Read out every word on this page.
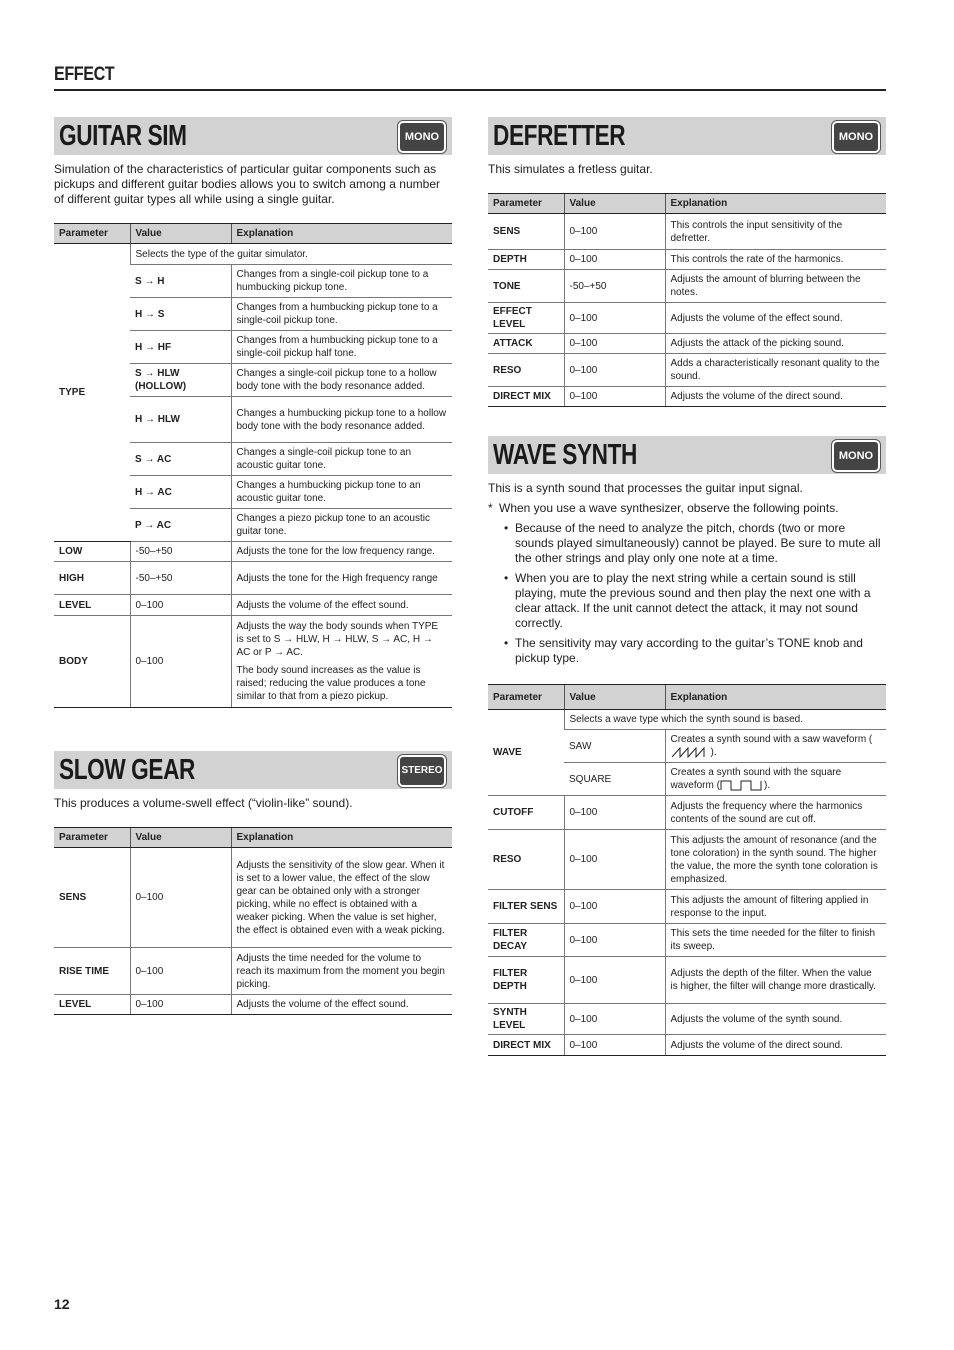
EFFECT
GUITAR SIM	MONO
Simulation of the characteristics of particular guitar components such as pickups and different guitar bodies allows you to switch among a number of different guitar types all while using a single guitar.
Parameter	Value	Explanation
TYPE	Selects the type of the guitar simulator.	
	S → H	Changes from a single-coil pickup tone to a humbucking pickup tone.
	H → S	Changes from a humbucking pickup tone to a single-coil pickup tone.
	H → HF	Changes from a humbucking pickup tone to a single-coil pickup half tone.
	S → HLW (HOLLOW)	Changes a single-coil pickup tone to a hollow body tone with the body resonance added.
	H → HLW	Changes a humbucking pickup tone to a hollow body tone with the body resonance added.
	S → AC	Changes a single-coil pickup tone to an acoustic guitar tone.
	H → AC	Changes a humbucking pickup tone to an acoustic guitar tone.
	P → AC	Changes a piezo pickup tone to an acoustic guitar tone.
LOW	-50–+50	Adjusts the tone for the low frequency range.
HIGH	-50–+50	Adjusts the tone for the High frequency range
LEVEL	0–100	Adjusts the volume of the effect sound.
BODY	0–100	Adjusts the way the body sounds when TYPE is set to S → HLW, H → HLW, S → AC, H → AC or P → AC.

The body sound increases as the value is raised; reducing the value produces a tone similar to that from a piezo pickup.

SLOW GEAR	STEREO
This produces a volume-swell effect (“violin-like” sound).
Parameter	Value	Explanation
SENS	0–100	Adjusts the sensitivity of the slow gear. When it is set to a lower value, the effect of the slow gear can be obtained only with a stronger picking, while no effect is obtained with a weaker picking. When the value is set higher, the effect is obtained even with a weak picking.
RISE TIME	0–100	Adjusts the time needed for the volume to reach its maximum from the moment you begin picking.
LEVEL	0–100	Adjusts the volume of the effect sound.
DEFRETTER	MONO
This simulates a fretless guitar.
Parameter	Value	Explanation
SENS	0–100	This controls the input sensitivity of the defretter.
DEPTH	0–100	This controls the rate of the harmonics.
TONE	-50–+50	Adjusts the amount of blurring between the notes.
EFFECT LEVEL	0–100	Adjusts the volume of the effect sound.
ATTACK	0–100	Adjusts the attack of the picking sound.
RESO	0–100	Adds a characteristically resonant quality to the sound.
DIRECT MIX	0–100	Adjusts the volume of the direct sound.
WAVE SYNTH	MONO

This is a synth sound that processes the guitar input signal.

* When you use a wave synthesizer, observe the following points.
• Because of the need to analyze the pitch, chords (two or more sounds played simultaneously) cannot be played. Be sure to mute all the other strings and play only one note at a time.
• When you are to play the next string while a certain sound is still playing, mute the previous sound and then play the next one with a clear attack. If the unit cannot detect the attack, it may not sound correctly.
• The sensitivity may vary according to the guitar’s TONE knob and pickup type.
Parameter	Value	Explanation
WAVE	Selects a wave type which the synth sound is based.	
	SAW	Creates a synth sound with a saw waveform ().
	SQUARE	Creates a synth sound with the square waveform ( ).
CUTOFF	0–100	Adjusts the frequency where the harmonics contents of the sound are cut off.
RESO	0–100	This adjusts the amount of resonance (and the tone coloration) in the synth sound. The higher the value, the more the synth tone coloration is emphasized.
FILTER SENS	0–100	This adjusts the amount of filtering applied in response to the input.
FILTER DECAY	0–100	This sets the time needed for the filter to finish its sweep.
FILTER DEPTH	0–100	Adjusts the depth of the filter. When the value is higher, the filter will change more drastically.
SYNTH LEVEL	0–100	Adjusts the volume of the synth sound.
DIRECT MIX	0–100	Adjusts the volume of the direct sound.
12
